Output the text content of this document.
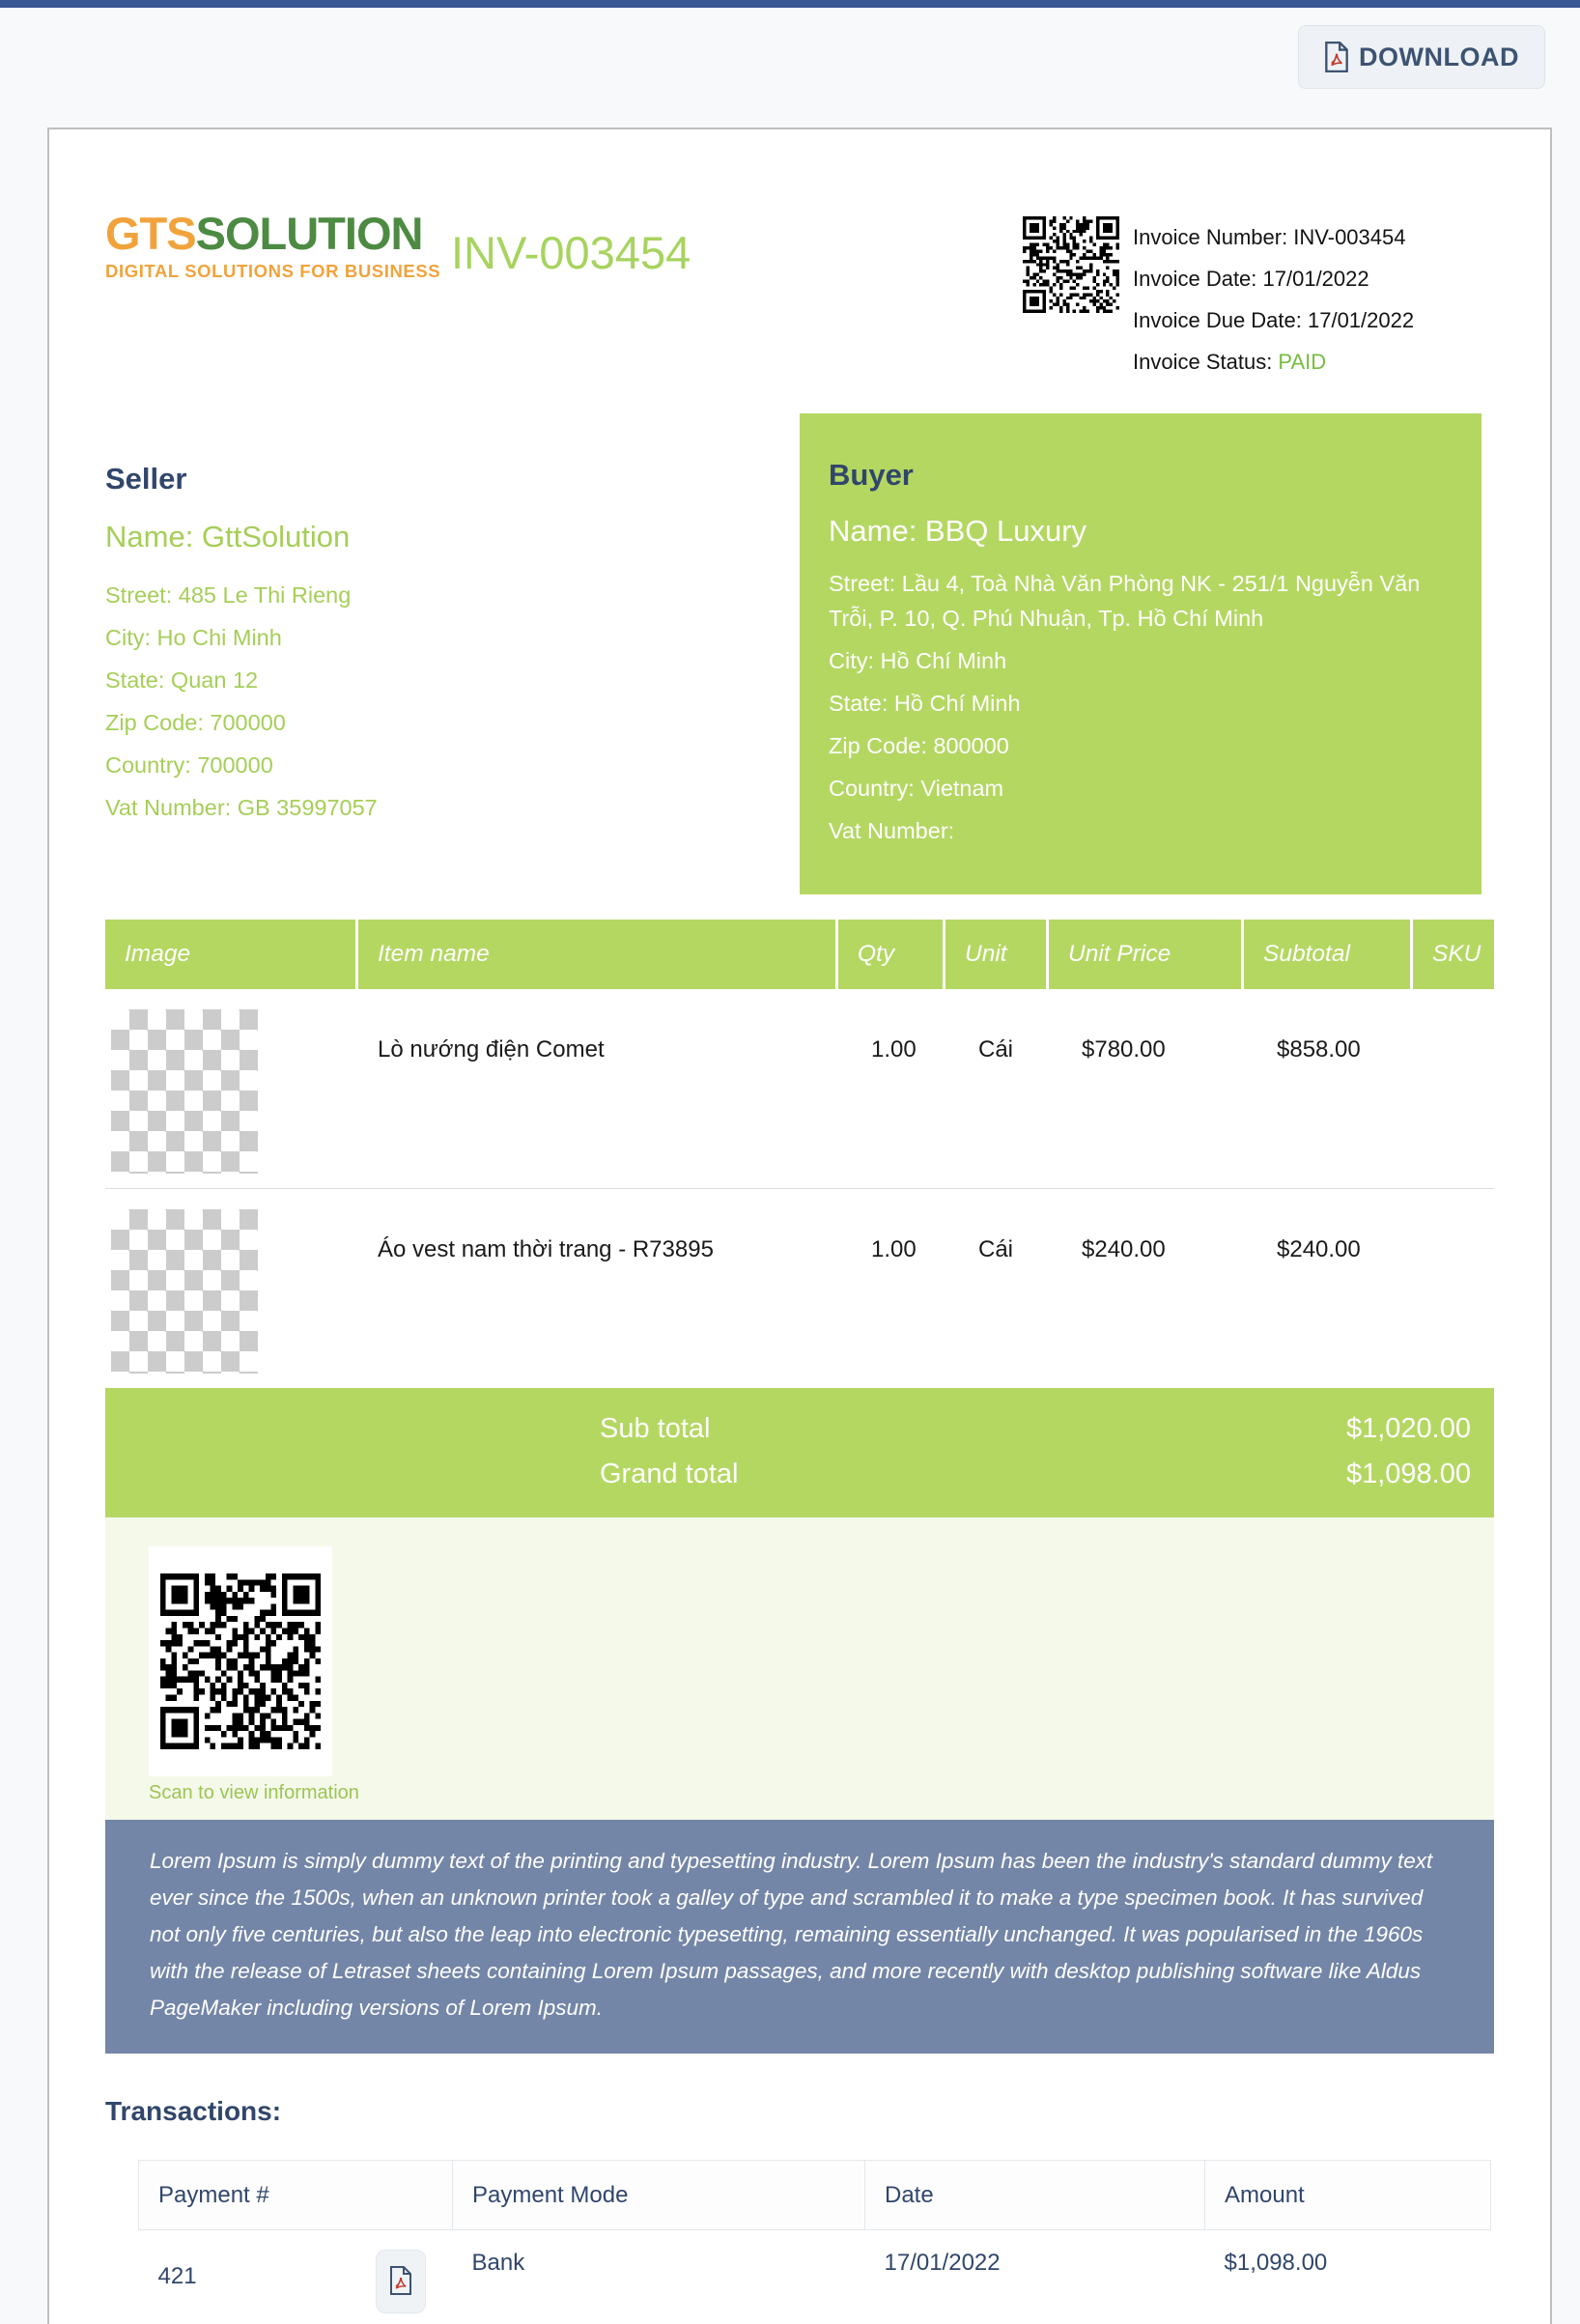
DOWNLOAD
GTSSOLUTION
DIGITAL SOLUTIONS FOR BUSINESS INV-003454	Invoice Number: INV-003454
Invoice Date: 17/01/2022
Invoice Due Date: 17/01/2022
Invoice Status: PAID
Seller
Name: GttSolution
Street: 485 Le Thi Rieng
City: Ho Chi Minh
State: Quan 12
Zip Code: 700000
Country: 700000
Vat Number: GB 35997057
Buyer
Name: BBQ Luxury
Street: Lầu 4, Toà Nhà Văn Phòng NK - 251/1 Nguyễn Văn Trỗi, P. 10, Q. Phú Nhuận, Tp. Hồ Chí Minh
City: Hồ Chí Minh
State: Hồ Chí Minh
Zip Code: 800000
Country: Vietnam
Vat Number:
Image	Item name	Qty	Unit	Unit Price	Subtotal	SKU
Lò nướng điện Comet	1.00	Cái	$780.00	$858.00
Áo vest nam thời trang - R73895	1.00	Cái	$240.00	$240.00
Sub total	$1,020.00
Grand total	$1,098.00
Scan to view information
Lorem Ipsum is simply dummy text of the printing and typesetting industry. Lorem Ipsum has been the industry's standard dummy text ever since the 1500s, when an unknown printer took a galley of type and scrambled it to make a type specimen book. It has survived not only five centuries, but also the leap into electronic typesetting, remaining essentially unchanged. It was popularised in the 1960s with the release of Letraset sheets containing Lorem Ipsum passages, and more recently with desktop publishing software like Aldus PageMaker including versions of Lorem Ipsum.
Transactions:
Payment #	Payment Mode	Date	Amount

421	Bank	17/01/2022	$1,098.00
